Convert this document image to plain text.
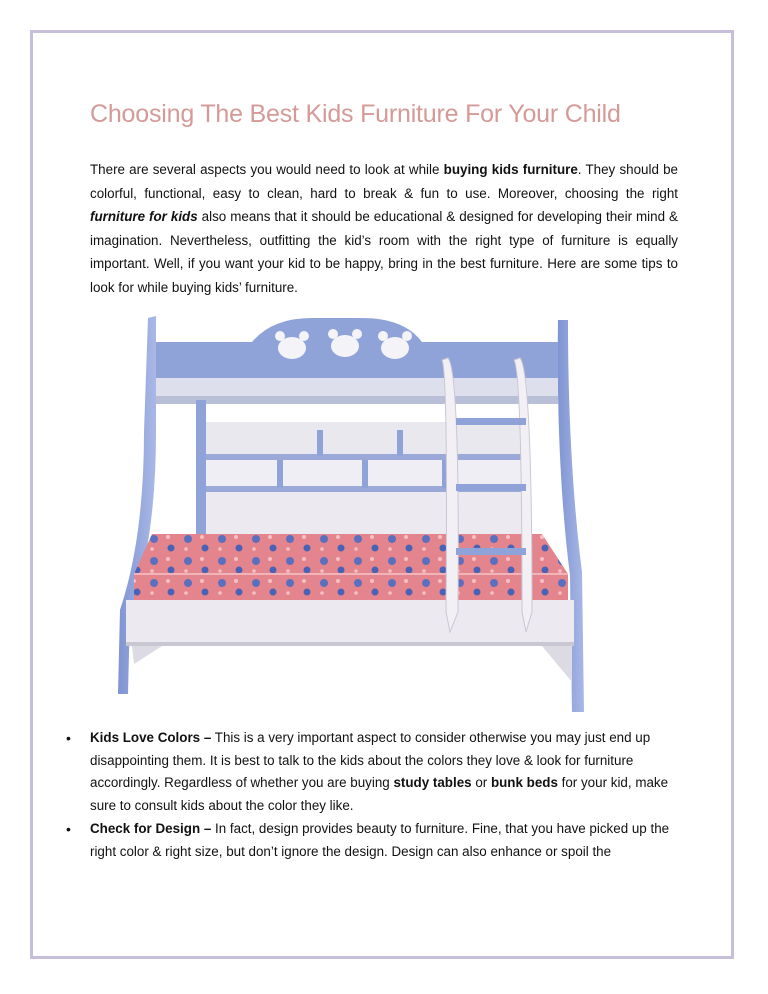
Choosing The Best Kids Furniture For Your Child

There are several aspects you would need to look at while buying kids furniture. They should be colorful, functional, easy to clean, hard to break & fun to use. Moreover, choosing the right furniture for kids also means that it should be educational & designed for developing their mind & imagination. Nevertheless, outfitting the kid’s room with the right type of furniture is equally important. Well, if you want your kid to be happy, bring in the best furniture. Here are some tips to look for while buying kids’ furniture.

• Kids Love Colors – This is a very important aspect to consider otherwise you may just end up disappointing them. It is best to talk to the kids about the colors they love & look for furniture accordingly. Regardless of whether you are buying study tables or bunk beds for your kid, make sure to consult kids about the color they like.
• Check for Design – In fact, design provides beauty to furniture. Fine, that you have picked up the right color & right size, but don’t ignore the design. Design can also enhance or spoil the
